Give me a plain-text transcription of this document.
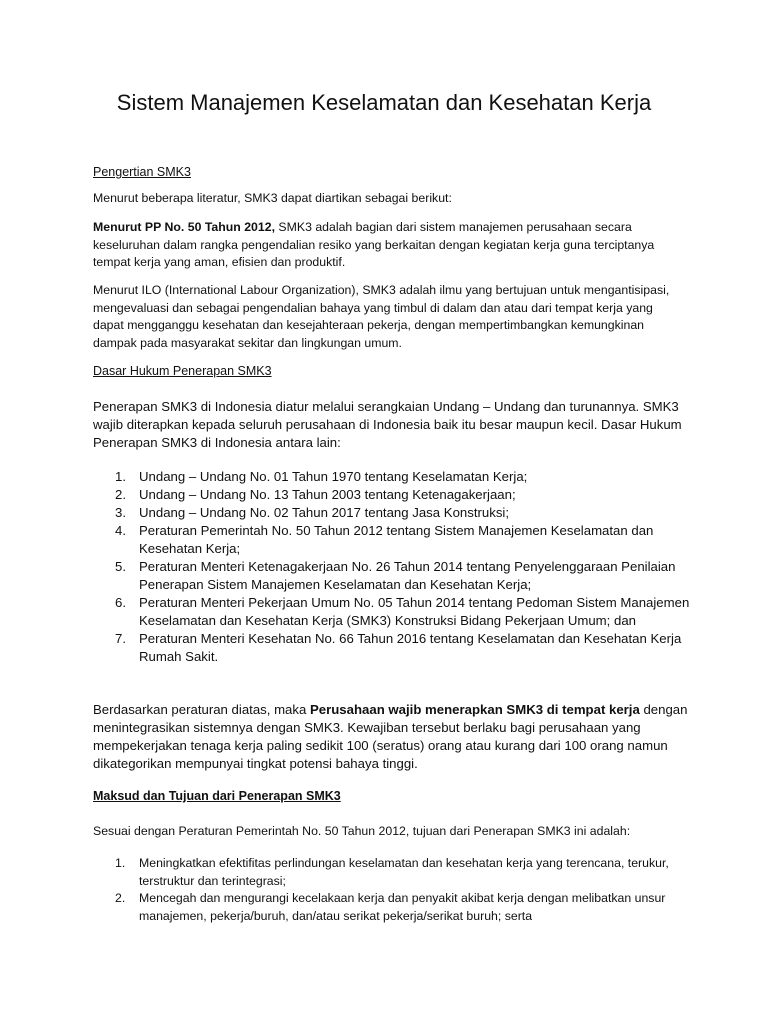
Sistem Manajemen Keselamatan dan Kesehatan Kerja
Pengertian SMK3

Menurut beberapa literatur, SMK3 dapat diartikan sebagai berikut:

Menurut PP No. 50 Tahun 2012, SMK3 adalah bagian dari sistem manajemen perusahaan secara keseluruhan dalam rangka pengendalian resiko yang berkaitan dengan kegiatan kerja guna terciptanya tempat kerja yang aman, efisien dan produktif.

Menurut ILO (International Labour Organization), SMK3 adalah ilmu yang bertujuan untuk mengantisipasi, mengevaluasi dan sebagai pengendalian bahaya yang timbul di dalam dan atau dari tempat kerja yang dapat mengganggu kesehatan dan kesejahteraan pekerja, dengan mempertimbangkan kemungkinan dampak pada masyarakat sekitar dan lingkungan umum.

Dasar Hukum Penerapan SMK3

Penerapan SMK3 di Indonesia diatur melalui serangkaian Undang – Undang dan turunannya. SMK3 wajib diterapkan kepada seluruh perusahaan di Indonesia baik itu besar maupun kecil. Dasar Hukum Penerapan SMK3 di Indonesia antara lain:

1. Undang – Undang No. 01 Tahun 1970 tentang Keselamatan Kerja;
2. Undang – Undang No. 13 Tahun 2003 tentang Ketenagakerjaan;
3. Undang – Undang No. 02 Tahun 2017 tentang Jasa Konstruksi;
4. Peraturan Pemerintah No. 50 Tahun 2012 tentang Sistem Manajemen Keselamatan dan Kesehatan Kerja;
5. Peraturan Menteri Ketenagakerjaan No. 26 Tahun 2014 tentang Penyelenggaraan Penilaian Penerapan Sistem Manajemen Keselamatan dan Kesehatan Kerja;
6. Peraturan Menteri Pekerjaan Umum No. 05 Tahun 2014 tentang Pedoman Sistem Manajemen Keselamatan dan Kesehatan Kerja (SMK3) Konstruksi Bidang Pekerjaan Umum; dan
7. Peraturan Menteri Kesehatan No. 66 Tahun 2016 tentang Keselamatan dan Kesehatan Kerja Rumah Sakit.

Berdasarkan peraturan diatas, maka Perusahaan wajib menerapkan SMK3 di tempat kerja dengan menintegrasikan sistemnya dengan SMK3. Kewajiban tersebut berlaku bagi perusahaan yang mempekerjakan tenaga kerja paling sedikit 100 (seratus) orang atau kurang dari 100 orang namun dikategorikan mempunyai tingkat potensi bahaya tinggi.

Maksud dan Tujuan dari Penerapan SMK3

Sesuai dengan Peraturan Pemerintah No. 50 Tahun 2012, tujuan dari Penerapan SMK3 ini adalah:

1. Meningkatkan efektifitas perlindungan keselamatan dan kesehatan kerja yang terencana, terukur, terstruktur dan terintegrasi;
2. Mencegah dan mengurangi kecelakaan kerja dan penyakit akibat kerja dengan melibatkan unsur manajemen, pekerja/buruh, dan/atau serikat pekerja/serikat buruh; serta
